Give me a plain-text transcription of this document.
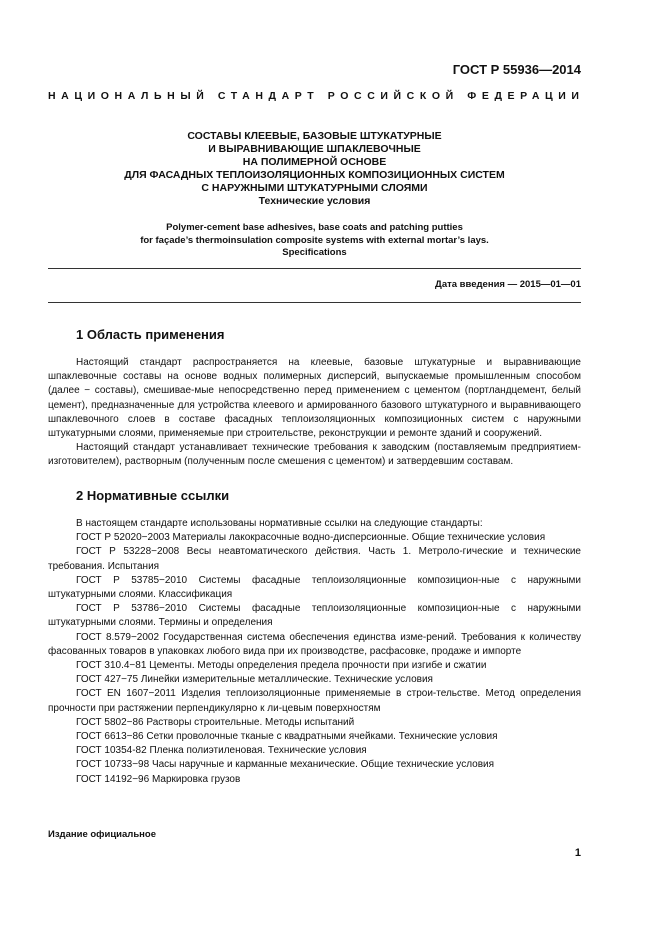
ГОСТ Р 55936—2014
НАЦИОНАЛЬНЫЙ СТАНДАРТ РОССИЙСКОЙ ФЕДЕРАЦИИ
СОСТАВЫ КЛЕЕВЫЕ, БАЗОВЫЕ ШТУКАТУРНЫЕ
И ВЫРАВНИВАЮЩИЕ ШПАКЛЕВОЧНЫЕ
НА ПОЛИМЕРНОЙ ОСНОВЕ
ДЛЯ ФАСАДНЫХ ТЕПЛОИЗОЛЯЦИОННЫХ КОМПОЗИЦИОННЫХ СИСТЕМ
С НАРУЖНЫМИ ШТУКАТУРНЫМИ СЛОЯМИ
Технические условия
Polymer-cement base adhesives, base coats and patching putties
for façade’s thermoinsulation composite systems with external mortar’s lays.
Specifications
Дата введения — 2015—01—01
1 Область применения

Настоящий стандарт распространяется на клеевые, базовые штукатурные и выравнивающие шпаклевочные составы на основе водных полимерных дисперсий, выпускаемые промышленным способом (далее − составы), смешивае-мые непосредственно перед применением с цементом (портландцемент, белый цемент), предназначенные для устройства клеевого и армированного базового штукатурного и выравнивающего шпаклевочного слоев в составе фасадных теплоизоляционных композиционных систем с наружными штукатурными слоями, применяемые при строительстве, реконструкции и ремонте зданий и сооружений.

Настоящий стандарт устанавливает технические требования к заводским (поставляемым предприятием-изготовителем), растворным (полученным после смешения с цементом) и затвердевшим составам.

2 Нормативные ссылки

В настоящем стандарте использованы нормативные ссылки на следующие стандарты:

ГОСТ Р 52020−2003 Материалы лакокрасочные водно-дисперсионные. Общие технические условия
ГОСТ Р 53228−2008 Весы неавтоматического действия. Часть 1. Метроло-гические и технические требования. Испытания
ГОСТ Р 53785−2010 Системы фасадные теплоизоляционные композицион-ные с наружными штукатурными слоями. Классификация
ГОСТ Р 53786−2010 Системы фасадные теплоизоляционные композицион-ные с наружными штукатурными слоями. Термины и определения
ГОСТ 8.579−2002 Государственная система обеспечения единства изме-рений. Требования к количеству фасованных товаров в упаковках любого вида при их производстве, расфасовке, продаже и импорте
ГОСТ 310.4−81 Цементы. Методы определения предела прочности при изгибе и сжатии
ГОСТ 427−75 Линейки измерительные металлические. Технические условия
ГОСТ EN 1607−2011 Изделия теплоизоляционные применяемые в строи-тельстве. Метод определения прочности при растяжении перпендикулярно к ли-цевым поверхностям
ГОСТ 5802−86 Растворы строительные. Методы испытаний
ГОСТ 6613−86 Сетки проволочные тканые с квадратными ячейками. Технические условия
ГОСТ 10354-82 Пленка полиэтиленовая. Технические условия
ГОСТ 10733−98 Часы наручные и карманные механические. Общие технические условия
ГОСТ 14192−96 Маркировка грузов
Издание официальное
1
